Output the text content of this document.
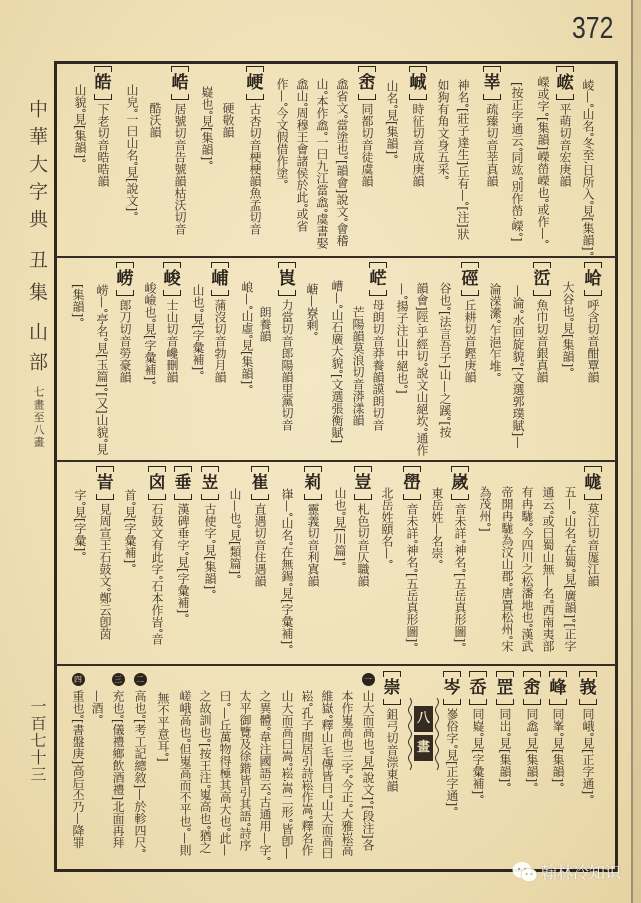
372
中華大字典
丑集
山部
七畫至八畫
一百七十三
崚—山名冬至日所入見[集韻]
峵
平萌切音宏庚韻
嶸或字[集韻]嶸嵤嶸也或作—
[按正字通云同竑別作嵤嶸]
峷
疏臻切音莘真韻
神名[莊子達生]丘有—[注]狀
如狗有角文身五采
峸
時征切音成庚韻
山名見[集韻]
峹
同都切音徒虞韻
嵞省文當塗也[韻會]說文會稽
山本作嵞一曰九江當嵞虞書娶
嵞山周穆王會諸侯於此或省
作—今文假借作塗
峺
古杏切音梗梗韻魚孟切音
硬敬韻
嶷也見[集韻]
峼
居號切音告號韻枯沃切音
酷沃韻
山皃一曰山名見[說文]
皓
下老切音晧晧韻
山貌見[集韻]
峆
呼含切音酣覃韻
大谷也見[集韻]
峾
魚巾切音銀真韻
—淪水回旋貌[文選郭璞賦]—
淪溁瀠乍浥乍堆
硜
丘耕切音鏗庚韻
谷也[法言吾子]山—之蹊[按
韻會]陘乎經切說文山絕坎通作
—揚子注山中絕也]
㟐
母朗切音莽養韻謨朗切音
芒陽韻莫浪切音漭漾韻
嶆—山石廣大貌[文選張衡賦]
嵣—嶚剩
崀
力當切音郎陽韻里黨切音
朗養韻
㟍—山虛見[集韻]
峬
蒲沒切音勃月韻
山也見[字彙補]
峻
士山切音巉刪韻
峻嶮也見[字彙補]
崂
郎刀切音勞豪韻
崂—亭名見[玉篇][又]山貌見
[集韻]
㟌
莫江切音厖江韻
五—山名在蜀見[廣韻][正字
通云或曰蜀山無—名西南夷部
有冉駹今四川之松潘地也漢武
帝開冉駹為汶山郡唐置松州宋
為茂州]
嵗
音未詳神名[五岳真形圖]
東岳姓—名崇
嶨
音未詳神名[五岳真形圖]
北岳姓頤名—
豈
札色切音仄職韻
山也見[川篇]
峲
靈義切音利寘韻
嵂—山名在無錫見[字彙補]
崔
直遇切音住遇韻
山—也見[類篇]
岦
古使字見[集韻]
垂
漢碑垂字見[字彙補]
囟
石鼓文有此字石本作峕音
首見[字彙補]
峕
見周宣王石鼓文鄭云卽茵
字見[字彙]
峩
同峨見[正字通]
峰
同峯見[集韻]
峹
同嵞見[集韻]
罡
同岀見[集韻]
岙
同嶷見[字彙補]
岑
嵾俗字見[正字通]
八
畫
崇
鉏弓切音漴東韻
一
山大而高也見[說文][段注]各
本作嵬高也三字今正大雅崧高
維嶽釋山毛傳皆曰山大而高曰
崧孔子閒居引詩崧作嵩釋名作
山大而高曰嵩崧嵩二形皆卽—
之異體韋注國語云古通用—字
太平御覽及徐鍇皆引其語詩序
曰—丘萬物得極其高大也此—
之故訓也[按王注嵬高也猶之
嵯峨高也但嵬高而不平也—則
無不平意耳]
二
高也[考工記總敘]—於軫四尺
三
充也[儀禮鄉飲酒禮]北面再拜
—酒
四
重也[書盤庚]高后丕乃—降罪
翰林冷知识
